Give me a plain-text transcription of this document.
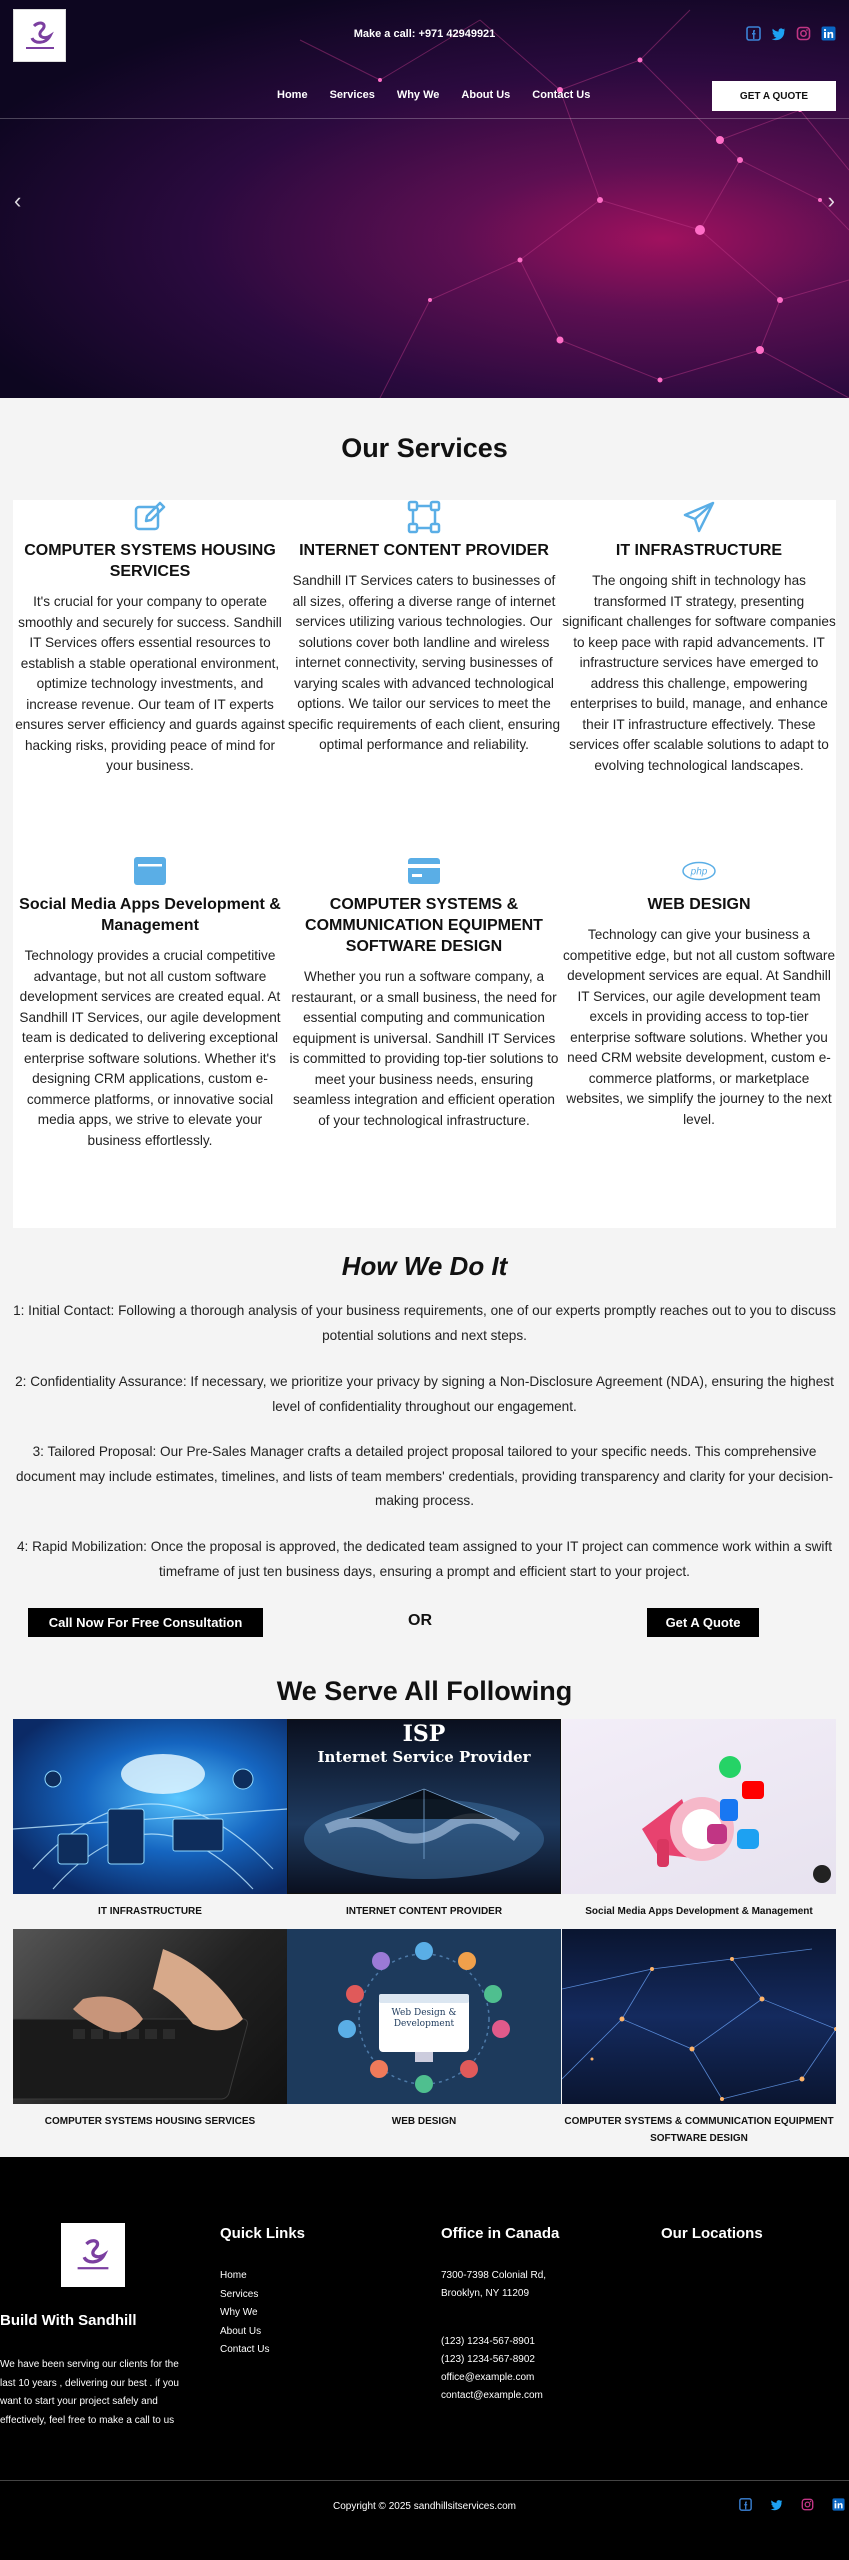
Make a call: +971 42949921
Home Services Why We About Us Contact Us	GET A QUOTE
‹	›
Our Services
COMPUTER SYSTEMS HOUSING SERVICES

It's crucial for your company to operate smoothly and securely for success. Sandhill IT Services offers essential resources to establish a stable operational environment, optimize technology investments, and increase revenue. Our team of IT experts ensures server efficiency and guards against hacking risks, providing peace of mind for your business.

INTERNET CONTENT PROVIDER

Sandhill IT Services caters to businesses of all sizes, offering a diverse range of internet services utilizing various technologies. Our solutions cover both landline and wireless internet connectivity, serving businesses of varying scales with advanced technological options. We tailor our services to meet the specific requirements of each client, ensuring optimal performance and reliability.

IT INFRASTRUCTURE

The ongoing shift in technology has transformed IT strategy, presenting significant challenges for software companies to keep pace with rapid advancements. IT infrastructure services have emerged to address this challenge, empowering enterprises to build, manage, and enhance their IT infrastructure effectively. These services offer scalable solutions to adapt to evolving technological landscapes.

Social Media Apps Development & Management

Technology provides a crucial competitive advantage, but not all custom software development services are created equal. At Sandhill IT Services, our agile development team is dedicated to delivering exceptional enterprise software solutions. Whether it's designing CRM applications, custom e-commerce platforms, or innovative social media apps, we strive to elevate your business effortlessly.

COMPUTER SYSTEMS & COMMUNICATION EQUIPMENT SOFTWARE DESIGN

Whether you run a software company, a restaurant, or a small business, the need for essential computing and communication equipment is universal. Sandhill IT Services is committed to providing top-tier solutions to meet your business needs, ensuring seamless integration and efficient operation of your technological infrastructure.

php
WEB DESIGN

Technology can give your business a competitive edge, but not all custom software development services are equal. At Sandhill IT Services, our agile development team excels in providing access to top-tier enterprise software solutions. Whether you need CRM website development, custom e-commerce platforms, or marketplace websites, we simplify the journey to the next level.

How We Do It
1: Initial Contact: Following a thorough analysis of your business requirements, one of our experts promptly reaches out to you to discuss potential solutions and next steps.
2: Confidentiality Assurance: If necessary, we prioritize your privacy by signing a Non-Disclosure Agreement (NDA), ensuring the highest level of confidentiality throughout our engagement.
3: Tailored Proposal: Our Pre-Sales Manager crafts a detailed project proposal tailored to your specific needs. This comprehensive document may include estimates, timelines, and lists of team members' credentials, providing transparency and clarity for your decision-making process.
4: Rapid Mobilization: Once the proposal is approved, the dedicated team assigned to your IT project can commence work within a swift timeframe of just ten business days, ensuring a prompt and efficient start to your project.
Call Now For Free Consultation	OR	Get A Quote
We Serve All Following
IT INFRASTRUCTURE
ISP
Internet Service Provider
INTERNET CONTENT PROVIDER	Social Media Apps Development & Management
COMPUTER SYSTEMS HOUSING SERVICES
Web Design &
Development
WEB DESIGN	COMPUTER SYSTEMS & COMMUNICATION EQUIPMENT SOFTWARE DESIGN
Build With Sandhill
We have been serving our clients for the last 10 years , delivering our best . if you want to start your project safely and effectively, feel free to make a call to us
Quick Links
Home
Services
Why We
About Us
Contact Us
Office in Canada
7300-7398 Colonial Rd,
Brooklyn, NY 11209
(123) 1234-567-8901
(123) 1234-567-8902
office@example.com
contact@example.com
Our Locations
Copyright © 2025 sandhillsitservices.com
